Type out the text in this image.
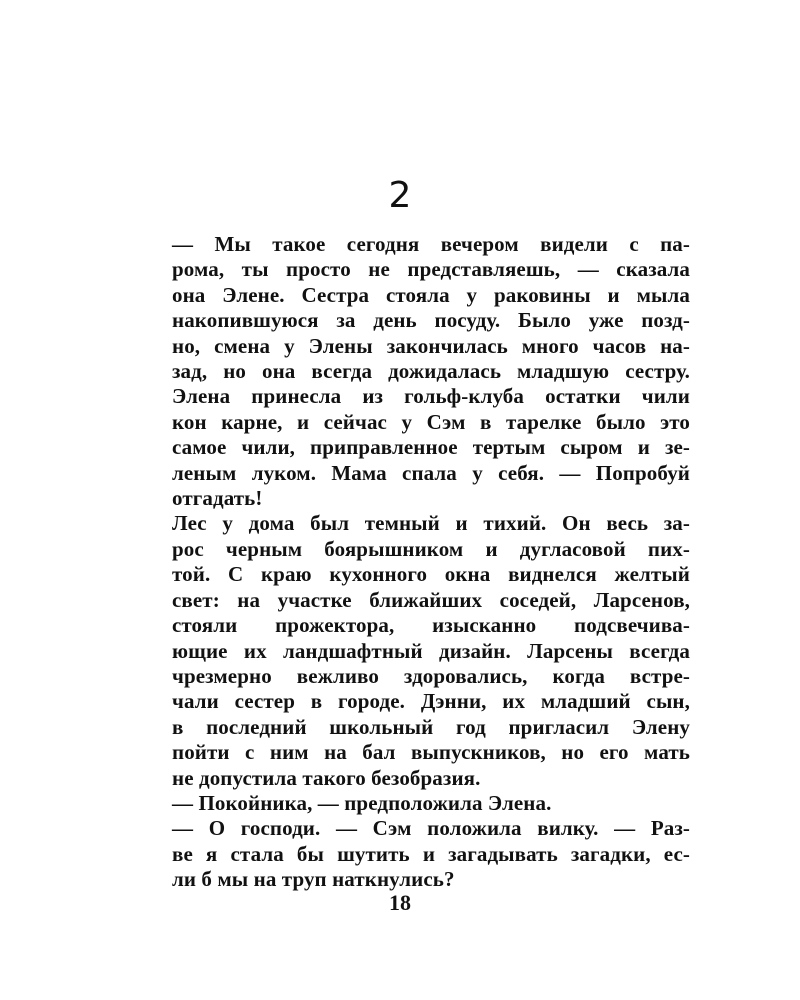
2
— Мы такое сегодня вечером видели с па-
рома, ты просто не представляешь, — сказала
она Элене. Сестра стояла у раковины и мыла
накопившуюся за день посуду. Было уже позд-
но, смена у Элены закончилась много часов на-
зад, но она всегда дожидалась младшую сестру.
Элена принесла из гольф-клуба остатки чили
кон карне, и сейчас у Сэм в тарелке было это
самое чили, приправленное тертым сыром и зе-
леным луком. Мама спала у себя. — Попробуй
отгадать!
Лес у дома был темный и тихий. Он весь за-
рос черным боярышником и дугласовой пих-
той. С краю кухонного окна виднелся желтый
свет: на участке ближайших соседей, Ларсенов,
стояли прожектора, изысканно подсвечива-
ющие их ландшафтный дизайн. Ларсены всегда
чрезмерно вежливо здоровались, когда встре-
чали сестер в городе. Дэнни, их младший сын,
в последний школьный год пригласил Элену
пойти с ним на бал выпускников, но его мать
не допустила такого безобразия.
— Покойника, — предположила Элена.
— О господи. — Сэм положила вилку. — Раз-
ве я стала бы шутить и загадывать загадки, ес-
ли б мы на труп наткнулись?
18
